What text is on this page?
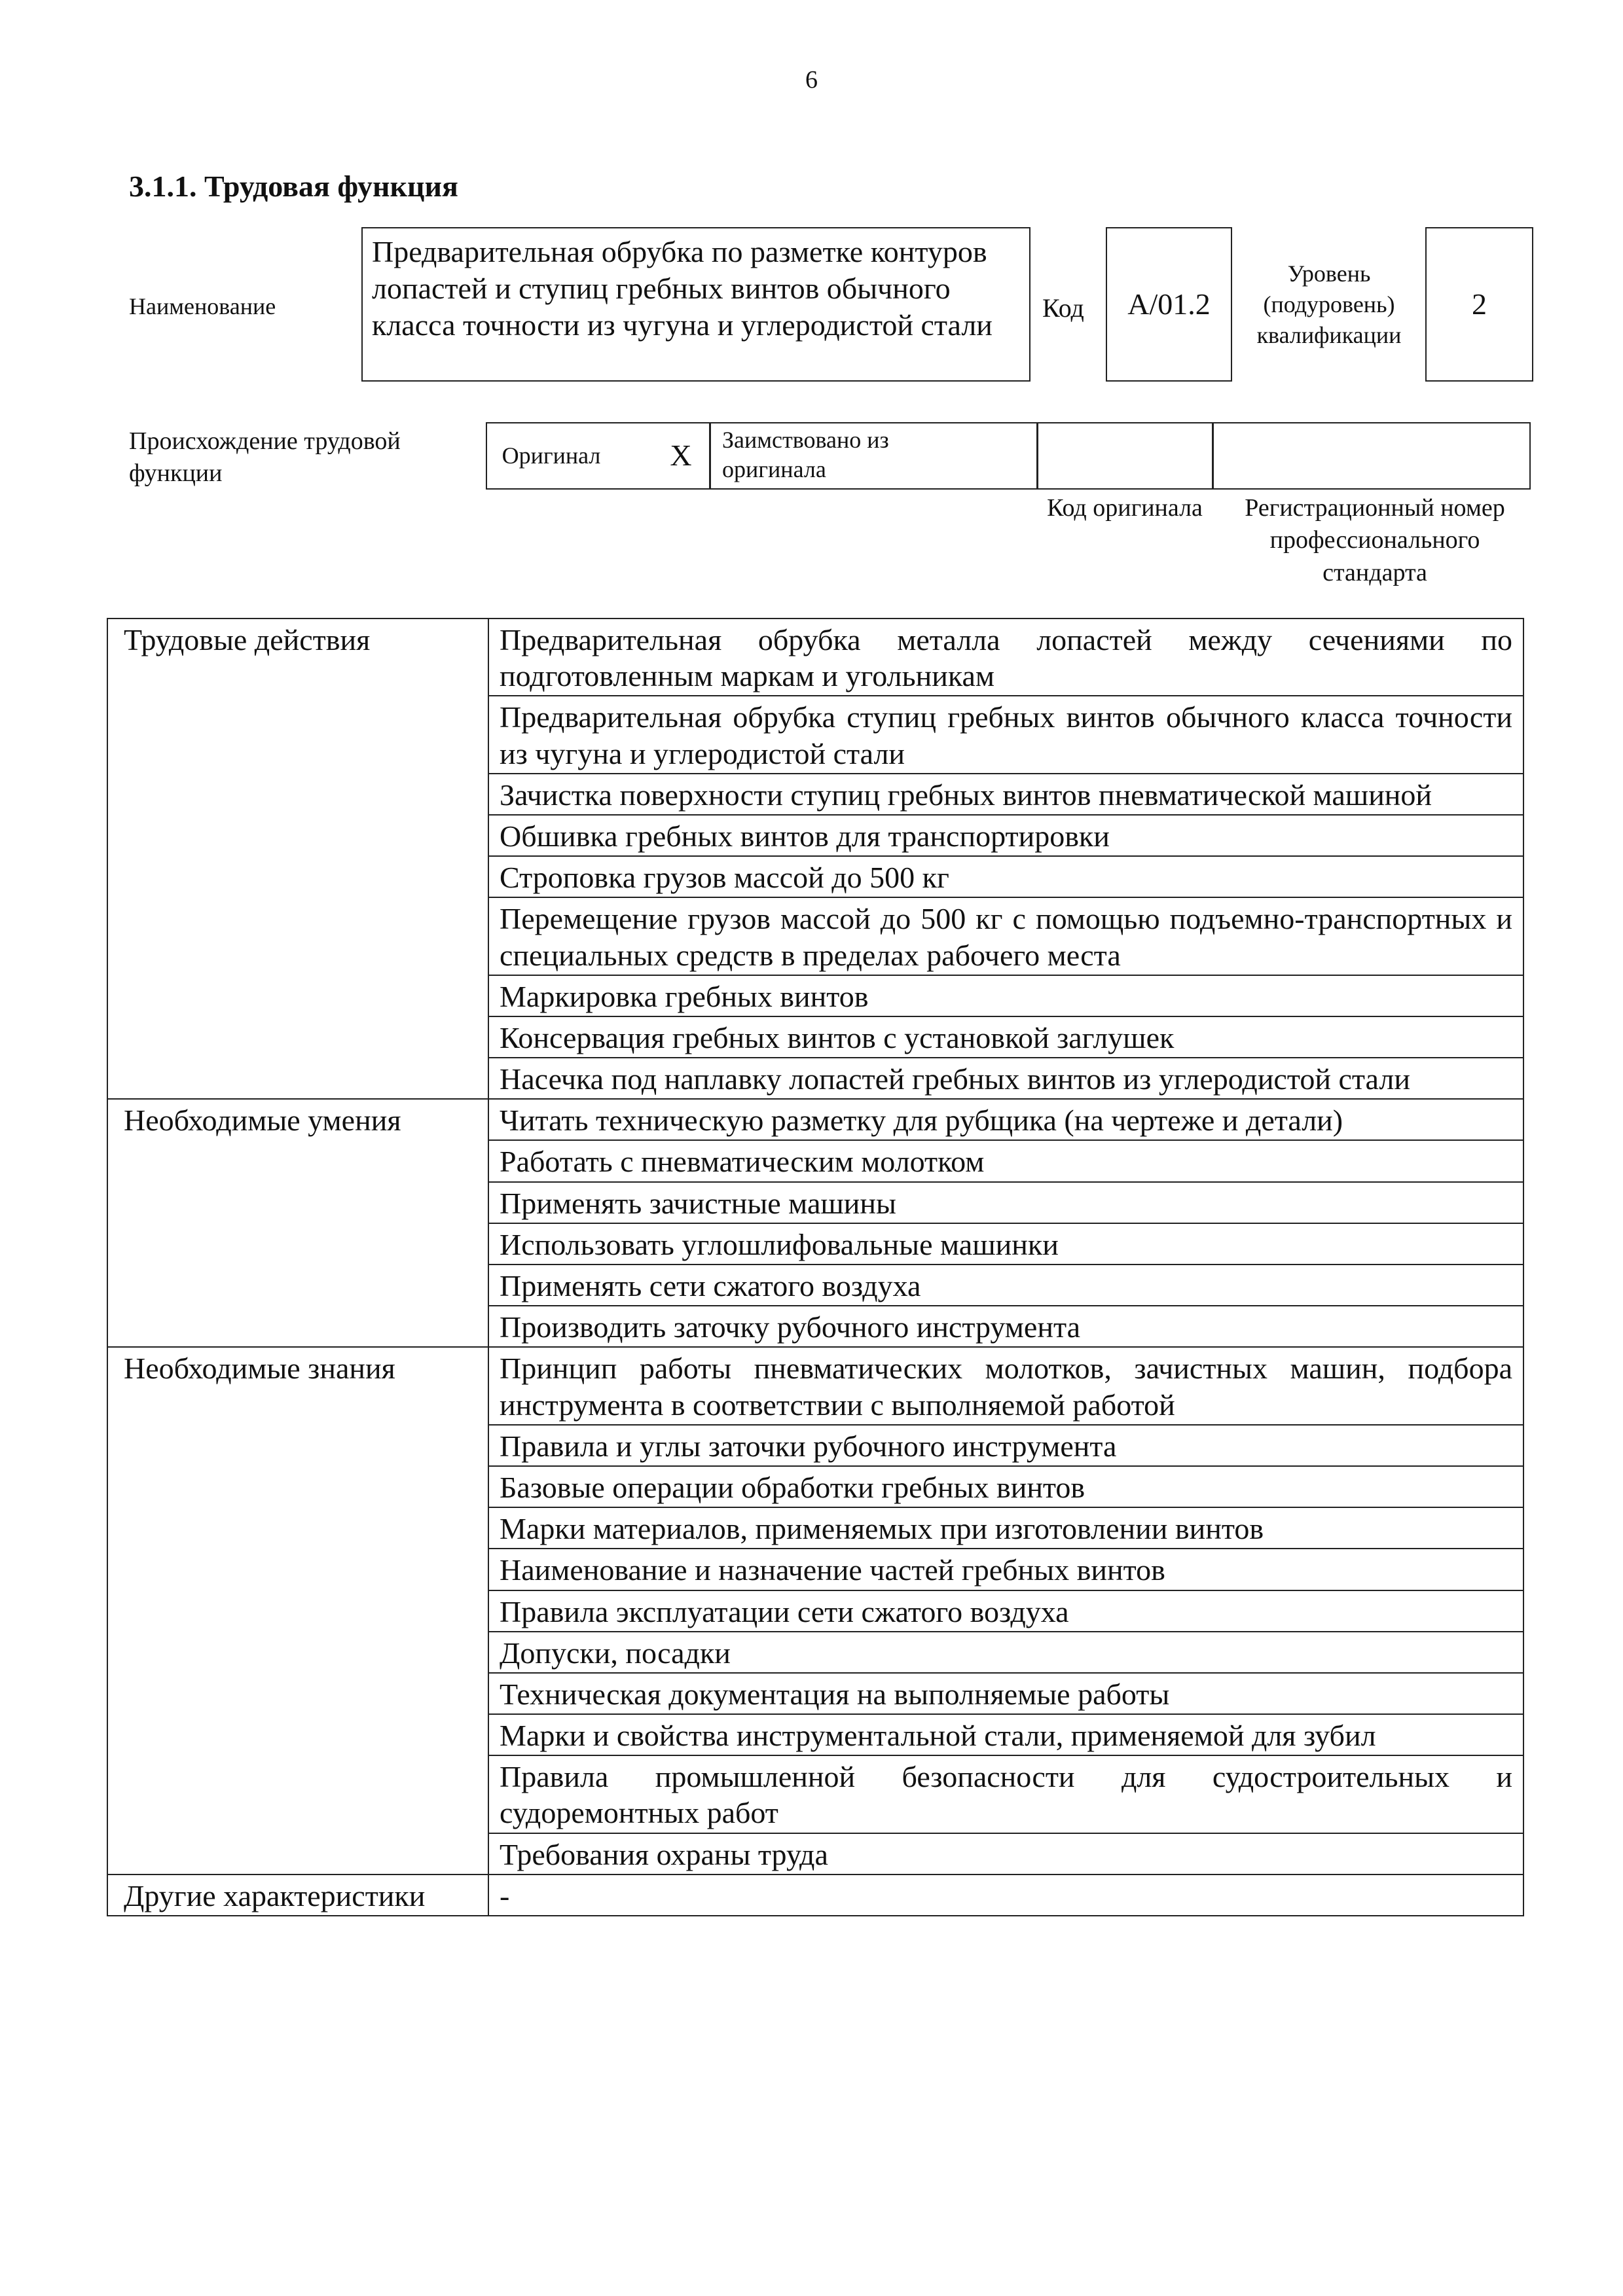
6
3.1.1. Трудовая функция
Наименование
Предварительная обрубка по разметке контуров лопастей и ступиц гребных винтов обычного класса точности из чугуна и углеродистой стали
Код A/01.2
Уровень (подуровень) квалификации
2
Происхождение трудовой функции
Оригинал	X	Заимствовано из оригинала
Код оригинала	Регистрационный номер профессионального стандарта
Трудовые действия	Предварительная обрубка металла лопастей между сечениями по подготовленным маркам и угольникам
	Предварительная обрубка ступиц гребных винтов обычного класса точности из чугуна и углеродистой стали
	Зачистка поверхности ступиц гребных винтов пневматической машиной
	Обшивка гребных винтов для транспортировки
	Строповка грузов массой до 500 кг
	Перемещение грузов массой до 500 кг с помощью подъемно-транспортных и специальных средств в пределах рабочего места
	Маркировка гребных винтов
	Консервация гребных винтов с установкой заглушек
	Насечка под наплавку лопастей гребных винтов из углеродистой стали
Необходимые умения	Читать техническую разметку для рубщика (на чертеже и детали)
	Работать с пневматическим молотком
	Применять зачистные машины
	Использовать углошлифовальные машинки
	Применять сети сжатого воздуха
	Производить заточку рубочного инструмента
Необходимые знания	Принцип работы пневматических молотков, зачистных машин, подбора инструмента в соответствии с выполняемой работой
	Правила и углы заточки рубочного инструмента
	Базовые операции обработки гребных винтов
	Марки материалов, применяемых при изготовлении винтов
	Наименование и назначение частей гребных винтов
	Правила эксплуатации сети сжатого воздуха
	Допуски, посадки
	Техническая документация на выполняемые работы
	Марки и свойства инструментальной стали, применяемой для зубил
	Правила промышленной безопасности для судостроительных и судоремонтных работ
	Требования охраны труда
Другие характеристики	-
